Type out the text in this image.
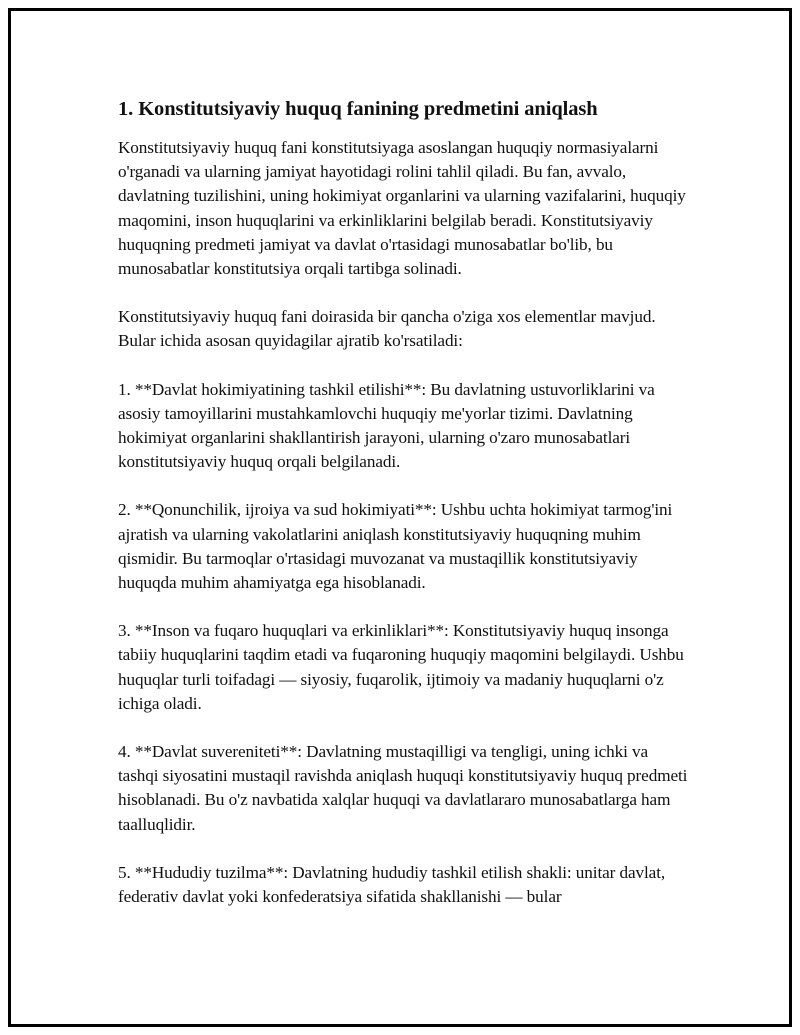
1. Konstitutsiyaviy huquq fanining predmetini aniqlash

Konstitutsiyaviy huquq fani konstitutsiyaga asoslangan huquqiy normasiyalarni o'rganadi va ularning jamiyat hayotidagi rolini tahlil qiladi. Bu fan, avvalo, davlatning tuzilishini, uning hokimiyat organlarini va ularning vazifalarini, huquqiy maqomini, inson huquqlarini va erkinliklarini belgilab beradi. Konstitutsiyaviy huquqning predmeti jamiyat va davlat o'rtasidagi munosabatlar bo'lib, bu munosabatlar konstitutsiya orqali tartibga solinadi.

Konstitutsiyaviy huquq fani doirasida bir qancha o'ziga xos elementlar mavjud. Bular ichida asosan quyidagilar ajratib ko'rsatiladi:

1. **Davlat hokimiyatining tashkil etilishi**: Bu davlatning ustuvorliklarini va asosiy tamoyillarini mustahkamlovchi huquqiy me'yorlar tizimi. Davlatning hokimiyat organlarini shakllantirish jarayoni, ularning o'zaro munosabatlari konstitutsiyaviy huquq orqali belgilanadi.

2. **Qonunchilik, ijroiya va sud hokimiyati**: Ushbu uchta hokimiyat tarmog'ini ajratish va ularning vakolatlarini aniqlash konstitutsiyaviy huquqning muhim qismidir. Bu tarmoqlar o'rtasidagi muvozanat va mustaqillik konstitutsiyaviy huquqda muhim ahamiyatga ega hisoblanadi.

3. **Inson va fuqaro huquqlari va erkinliklari**: Konstitutsiyaviy huquq insonga tabiiy huquqlarini taqdim etadi va fuqaroning huquqiy maqomini belgilaydi. Ushbu huquqlar turli toifadagi — siyosiy, fuqarolik, ijtimoiy va madaniy huquqlarni o'z ichiga oladi.

4. **Davlat suvereniteti**: Davlatning mustaqilligi va tengligi, uning ichki va tashqi siyosatini mustaqil ravishda aniqlash huquqi konstitutsiyaviy huquq predmeti hisoblanadi. Bu o'z navbatida xalqlar huquqi va davlatlararo munosabatlarga ham taalluqlidir.

5. **Hududiy tuzilma**: Davlatning hududiy tashkil etilish shakli: unitar davlat, federativ davlat yoki konfederatsiya sifatida shakllanishi — bular
